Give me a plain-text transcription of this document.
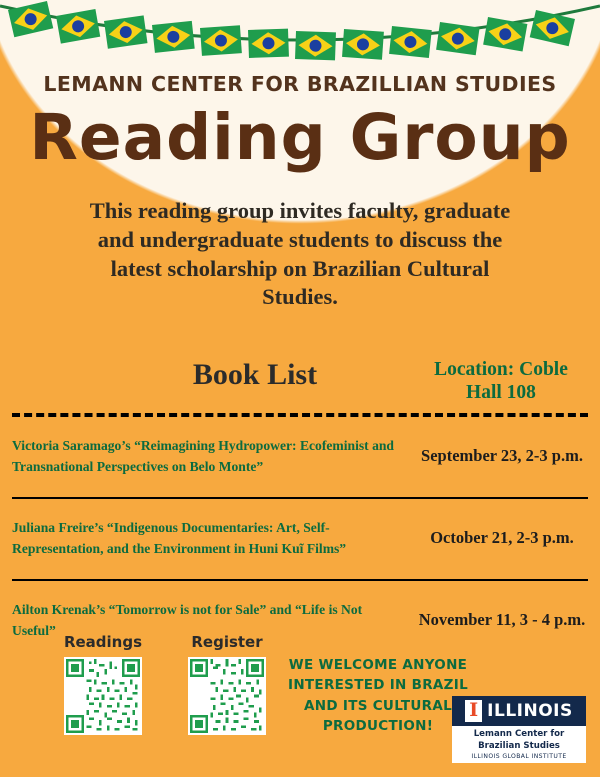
LEMANN CENTER FOR BRAZILLIAN STUDIES
Reading Group
This reading group invites faculty, graduate and undergraduate students to discuss the latest scholarship on Brazilian Cultural Studies.
Book List	Location: Coble Hall 108
Victoria Saramago’s “Reimagining Hydropower: Ecofeminist and Transnational Perspectives on Belo Monte”
September 23, 2-3 p.m.
Juliana Freire’s “Indigenous Documentaries: Art, Self-Representation, and the Environment in Huni Kuĩ Films”
October 21, 2-3 p.m.
Ailton Krenak’s “Tomorrow is not for Sale” and “Life is Not Useful”
November 11, 3 - 4 p.m.
Readings	Register
WE WELCOME ANYONE INTERESTED IN BRAZIL AND ITS CULTURAL PRODUCTION!
I ILLINOIS
Lemann Center for
Brazilian Studies
ILLINOIS GLOBAL INSTITUTE
